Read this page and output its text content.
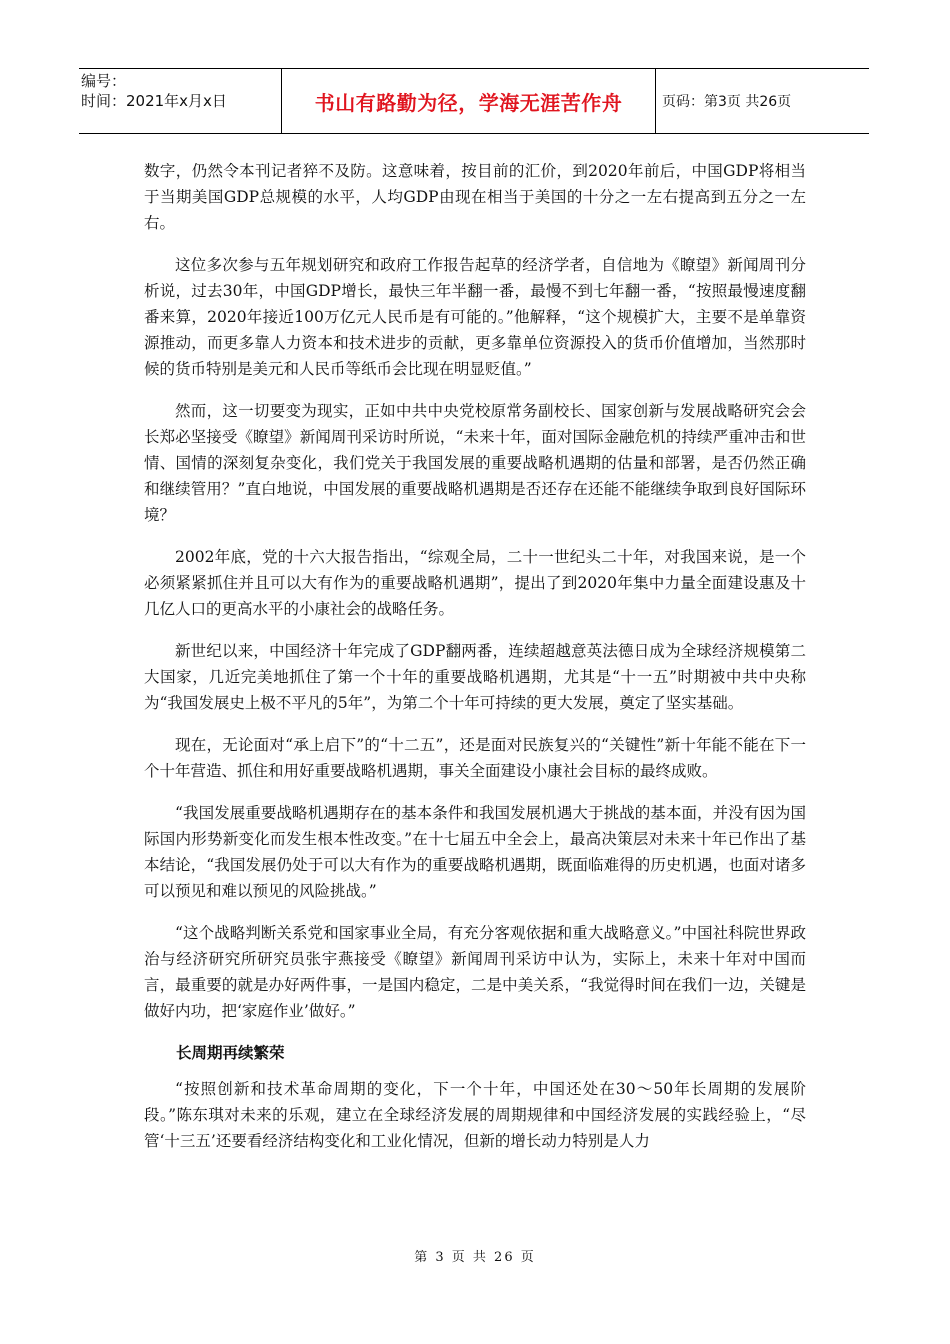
编号：
时间：2021年x月x日	书山有路勤为径，学海无涯苦作舟	页码：第3页 共26页

数字，仍然令本刊记者猝不及防。这意味着，按目前的汇价，到2020年前后，中国GDP将相当于当期美国GDP总规模的水平，人均GDP由现在相当于美国的十分之一左右提高到五分之一左右。

这位多次参与五年规划研究和政府工作报告起草的经济学者，自信地为《瞭望》新闻周刊分析说，过去30年，中国GDP增长，最快三年半翻一番，最慢不到七年翻一番，“按照最慢速度翻番来算，2020年接近100万亿元人民币是有可能的。”他解释，“这个规模扩大，主要不是单靠资源推动，而更多靠人力资本和技术进步的贡献，更多靠单位资源投入的货币价值增加，当然那时候的货币特别是美元和人民币等纸币会比现在明显贬值。”

然而，这一切要变为现实，正如中共中央党校原常务副校长、国家创新与发展战略研究会会长郑必坚接受《瞭望》新闻周刊采访时所说，“未来十年，面对国际金融危机的持续严重冲击和世情、国情的深刻复杂变化，我们党关于我国发展的重要战略机遇期的估量和部署，是否仍然正确和继续管用？”直白地说，中国发展的重要战略机遇期是否还存在还能不能继续争取到良好国际环境？

2002年底，党的十六大报告指出，“综观全局，二十一世纪头二十年，对我国来说，是一个必须紧紧抓住并且可以大有作为的重要战略机遇期”，提出了到2020年集中力量全面建设惠及十几亿人口的更高水平的小康社会的战略任务。

新世纪以来，中国经济十年完成了GDP翻两番，连续超越意英法德日成为全球经济规模第二大国家，几近完美地抓住了第一个十年的重要战略机遇期，尤其是“十一五”时期被中共中央称为“我国发展史上极不平凡的5年”，为第二个十年可持续的更大发展，奠定了坚实基础。

现在，无论面对“承上启下”的“十二五”，还是面对民族复兴的“关键性”新十年能不能在下一个十年营造、抓住和用好重要战略机遇期，事关全面建设小康社会目标的最终成败。

“我国发展重要战略机遇期存在的基本条件和我国发展机遇大于挑战的基本面，并没有因为国际国内形势新变化而发生根本性改变。”在十七届五中全会上，最高决策层对未来十年已作出了基本结论，“我国发展仍处于可以大有作为的重要战略机遇期，既面临难得的历史机遇，也面对诸多可以预见和难以预见的风险挑战。”

“这个战略判断关系党和国家事业全局，有充分客观依据和重大战略意义。”中国社科院世界政治与经济研究所研究员张宇燕接受《瞭望》新闻周刊采访中认为，实际上，未来十年对中国而言，最重要的就是办好两件事，一是国内稳定，二是中美关系，“我觉得时间在我们一边，关键是做好内功，把‘家庭作业’做好。”

长周期再续繁荣

“按照创新和技术革命周期的变化，下一个十年，中国还处在30～50年长周期的发展阶段。”陈东琪对未来的乐观，建立在全球经济发展的周期规律和中国经济发展的实践经验上，“尽管‘十三五’还要看经济结构变化和工业化情况，但新的增长动力特别是人力

第 3 页 共 26 页
